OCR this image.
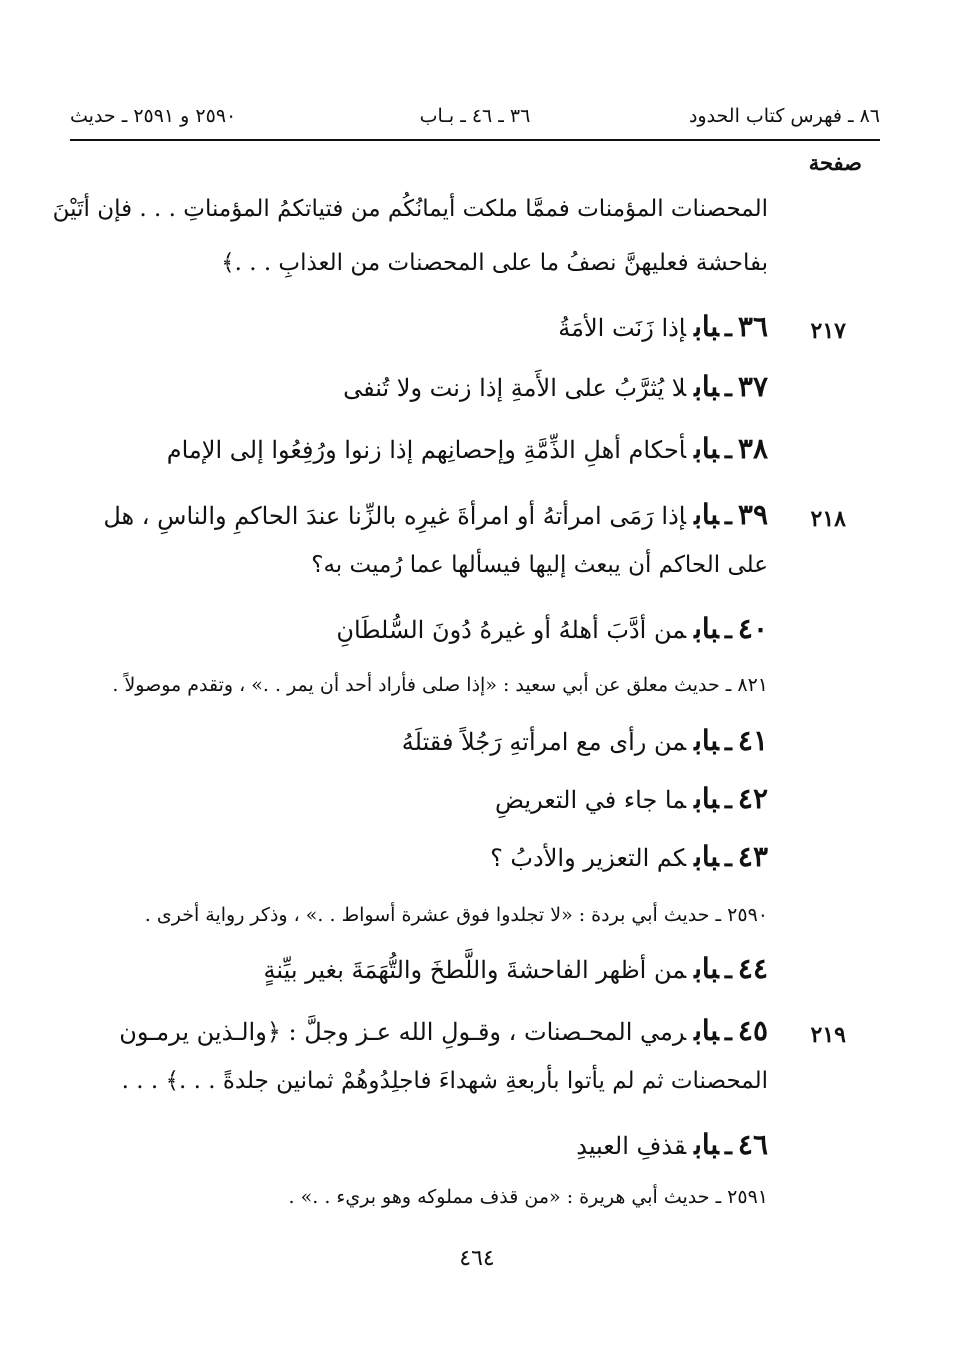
٨٦ ـ فهرس كتاب الحدود
٣٦ ـ ٤٦ ـ بـاب
٢٥٩٠ و ٢٥٩١ ـ حديث
صفحة
المحصنات المؤمنات فممَّا ملكت أيمانُكُم من فتياتكمُ المؤمناتِ . . . فإن أتَيْنَ
بفاحشة فعليهنَّ نصفُ ما على المحصنات من العذابِ . . .﴾
٢١٧
٣٦ـبابإذا زَنَت الأمَةُ
٣٧ـبابلا يُثرَّبُ على الأَمةِ إذا زنت ولا تُنفى
٣٨ـبابأحكام أهلِ الذِّمَّةِ وإحصانِهم إذا زنوا ورُفِعُوا إلى الإمام
٢١٨
٣٩ـبابإذا رَمَى امرأتهُ أو امرأةَ غيرِه بالزِّنا عندَ الحاكمِ والناسِ ، هل
على الحاكم أن يبعث إليها فيسألها عما رُميت به؟
٤٠ـبابمن أدَّبَ أهلهُ أو غيرهُ دُونَ السُّلطَانِ
٨٢١ ـ حديث معلق عن أبي سعيد : «إذا صلى فأراد أحد أن يمر . .» ، وتقدم موصولاً .
٤١ـبابمن رأى مع امرأتهِ رَجُلاً فقتلَهُ
٤٢ـبابما جاء في التعريضِ
٤٣ـبابكم التعزير والأدبُ ؟
٢٥٩٠ ـ حديث أبي بردة : «لا تجلدوا فوق عشرة أسواط . .» ، وذكر رواية أخرى .
٤٤ـبابمن أظهر الفاحشةَ واللَّطخَ والتُّهَمَةَ بغير بيِّنةٍ
٢١٩
٤٥ـبابرمي المحـصنات ، وقـولِ الله عـز وجلَّ : ﴿والـذين يرمـون
المحصنات ثم لم يأتوا بأربعةِ شهداءَ فاجلِدُوهُمْ ثمانين جلدةً . . .﴾ . . .
٤٦ـبابقذفِ العبيدِ
٢٥٩١ ـ حديث أبي هريرة : «من قذف مملوكه وهو بريء . .» .
٤٦٤
